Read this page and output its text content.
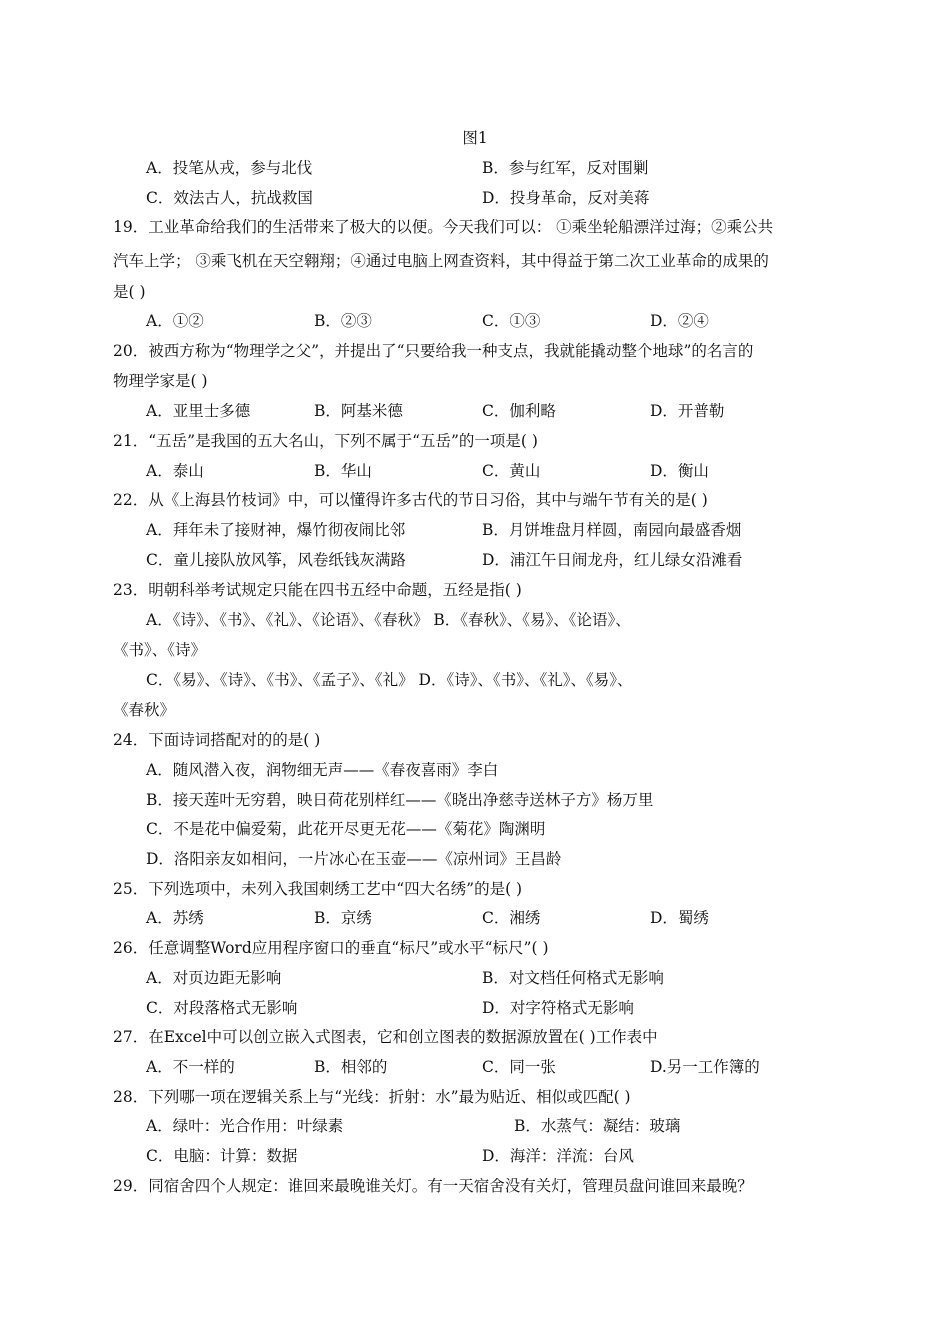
图1
A．投笔从戎，参与北伐	B．参与红军，反对围剿
C．效法古人，抗战救国	D．投身革命，反对美蒋
19．工业革命给我们的生活带来了极大的以便。今天我们可以： ①乘坐轮船漂洋过海；②乘公共
汽车上学； ③乘飞机在天空翱翔；④通过电脑上网查资料，其中得益于第二次工业革命的成果的
是( )
A．①②	B．②③	C．①③	D．②④
20．被西方称为“物理学之父”，并提出了“只要给我一种支点，我就能撬动整个地球”的名言的
物理学家是( )
A．亚里士多德	B．阿基米德	C．伽利略	D．开普勒
21．“五岳”是我国的五大名山，下列不属于“五岳”的一项是( )
A．泰山	B．华山	C．黄山	D．衡山
22．从《上海县竹枝词》中，可以懂得许多古代的节日习俗，其中与端午节有关的是( )
A．拜年未了接财神，爆竹彻夜闹比邻	B．月饼堆盘月样圆，南园向最盛香烟
C．童儿接队放风筝，风卷纸钱灰满路	D．浦江午日闹龙舟，红儿绿女沿滩看
23．明朝科举考试规定只能在四书五经中命题，五经是指( )
A．《诗》、《书》、《礼》、《论语》、《春秋》 B．《春秋》、《易》、《论语》、
《书》、《诗》
C．《易》、《诗》、《书》、《孟子》、《礼》 D．《诗》、《书》、《礼》、《易》、
《春秋》
24．下面诗词搭配对的的是( )
A．随风潜入夜，润物细无声——《春夜喜雨》李白
B．接天莲叶无穷碧，映日荷花别样红——《晓出净慈寺送林子方》杨万里
C．不是花中偏爱菊，此花开尽更无花——《菊花》陶渊明
D．洛阳亲友如相问，一片冰心在玉壶——《凉州词》王昌龄
25．下列选项中，未列入我国刺绣工艺中“四大名绣”的是( )
A．苏绣	B．京绣	C．湘绣	D．蜀绣
26．任意调整Word应用程序窗口的垂直“标尺”或水平“标尺”( )
A．对页边距无影响	B．对文档任何格式无影响
C．对段落格式无影响	D．对字符格式无影响
27．在Excel中可以创立嵌入式图表，它和创立图表的数据源放置在( )工作表中
A．不一样的	B．相邻的	C．同一张	D.另一工作簿的
28．下列哪一项在逻辑关系上与“光线：折射：水”最为贴近、相似或匹配( )
A．绿叶：光合作用：叶绿素	B．水蒸气：凝结：玻璃
C．电脑：计算：数据	D．海洋：洋流：台风
29．同宿舍四个人规定：谁回来最晚谁关灯。有一天宿舍没有关灯，管理员盘问谁回来最晚？
